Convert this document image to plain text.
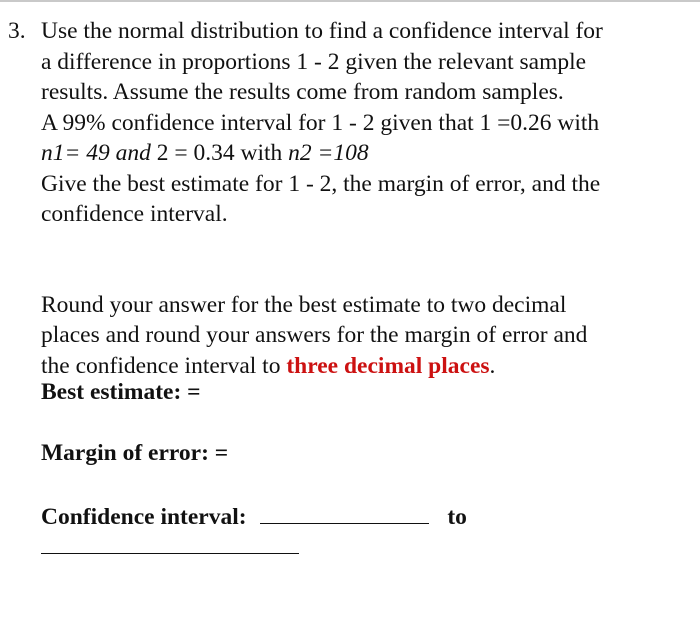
3. Use the normal distribution to find a confidence interval for
a difference in proportions 1 - 2 given the relevant sample
results. Assume the results come from random samples.
A 99% confidence interval for 1 - 2 given that 1 =0.26 with
n1= 49 and 2 = 0.34 with n2 =108
Give the best estimate for 1 - 2, the margin of error, and the
confidence interval.
Round your answer for the best estimate to two decimal
places and round your answers for the margin of error and
the confidence interval to three decimal places.
Best estimate: =
Margin of error: =
Confidence interval:	to
